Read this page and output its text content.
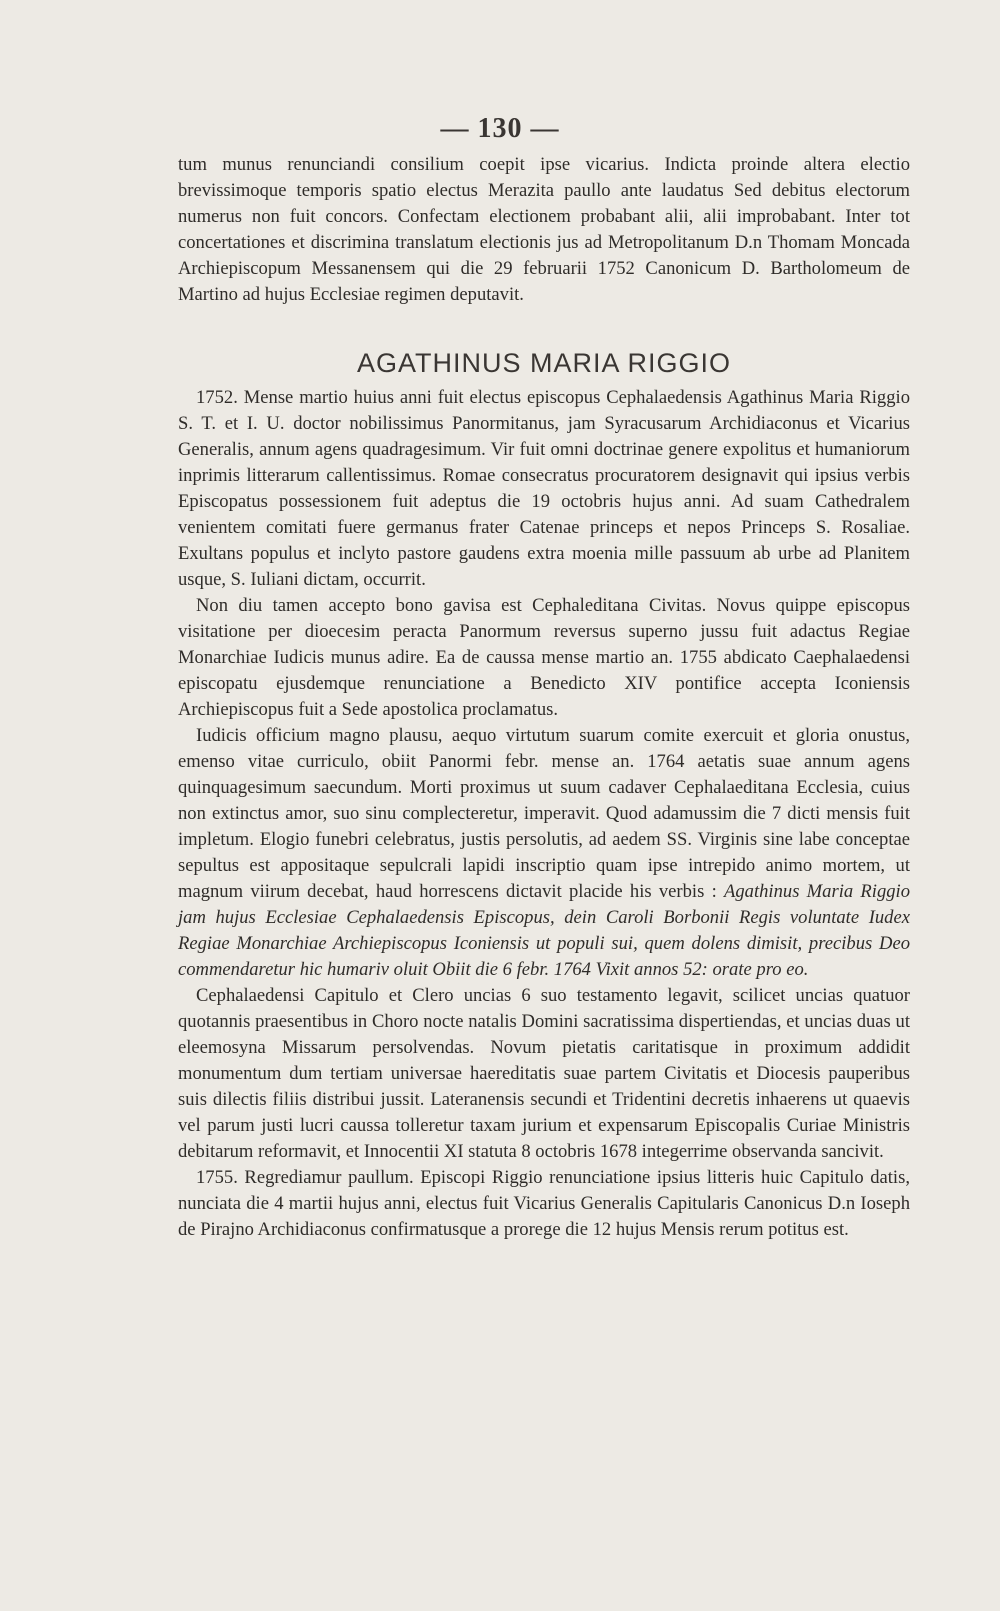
— 130 —

tum munus renunciandi consilium coepit ipse vicarius. Indicta proinde altera electio brevissimoque temporis spatio electus Merazita paullo ante laudatus Sed debitus electorum numerus non fuit concors. Confectam electionem probabant alii, alii improbabant. Inter tot concertationes et discrimina translatum electionis jus ad Metropolitanum D.n Thomam Moncada Archiepiscopum Messanensem qui die 29 februarii 1752 Canonicum D. Bartholomeum de Martino ad hujus Ecclesiae regimen deputavit.

AGATHINUS MARIA RIGGIO

1752. Mense martio huius anni fuit electus episcopus Cephalaedensis Agathinus Maria Riggio S. T. et I. U. doctor nobilissimus Panormitanus, jam Syracusarum Archidiaconus et Vicarius Generalis, annum agens quadragesimum. Vir fuit omni doctrinae genere expolitus et humaniorum inprimis litterarum callentissimus. Romae consecratus procuratorem designavit qui ipsius verbis Episcopatus possessionem fuit adeptus die 19 octobris hujus anni. Ad suam Cathedralem venientem comitati fuere germanus frater Catenae princeps et nepos Princeps S. Rosaliae. Exultans populus et inclyto pastore gaudens extra moenia mille passuum ab urbe ad Planitem usque, S. Iuliani dictam, occurrit.

Non diu tamen accepto bono gavisa est Cephaleditana Civitas. Novus quippe episcopus visitatione per dioecesim peracta Panormum reversus superno jussu fuit adactus Regiae Monarchiae Iudicis munus adire. Ea de caussa mense martio an. 1755 abdicato Caephalaedensi episcopatu ejusdemque renunciatione a Benedicto XIV pontifice accepta Iconiensis Archiepiscopus fuit a Sede apostolica proclamatus.

Iudicis officium magno plausu, aequo virtutum suarum comite exercuit et gloria onustus, emenso vitae curriculo, obiit Panormi febr. mense an. 1764 aetatis suae annum agens quinquagesimum saecundum. Morti proximus ut suum cadaver Cephalaeditana Ecclesia, cuius non extinctus amor, suo sinu complecteretur, imperavit. Quod adamussim die 7 dicti mensis fuit impletum. Elogio funebri celebratus, justis persolutis, ad aedem SS. Virginis sine labe conceptae sepultus est appositaque sepulcrali lapidi inscriptio quam ipse intrepido animo mortem, ut magnum viirum decebat, haud horrescens dictavit placide his verbis : Agathinus Maria Riggio jam hujus Ecclesiae Cephalaedensis Episcopus, dein Caroli Borbonii Regis voluntate Iudex Regiae Monarchiae Archiepiscopus Iconiensis ut populi sui, quem dolens dimisit, precibus Deo commendaretur hic humariv oluit Obiit die 6 febr. 1764 Vixit annos 52: orate pro eo.

Cephalaedensi Capitulo et Clero uncias 6 suo testamento legavit, scilicet uncias quatuor quotannis praesentibus in Choro nocte natalis Domini sacratissima dispertiendas, et uncias duas ut eleemosyna Missarum persolvendas. Novum pietatis caritatisque in proximum addidit monumentum dum tertiam universae haereditatis suae partem Civitatis et Diocesis pauperibus suis dilectis filiis distribui jussit. Lateranensis secundi et Tridentini decretis inhaerens ut quaevis vel parum justi lucri caussa tolleretur taxam jurium et expensarum Episcopalis Curiae Ministris debitarum reformavit, et Innocentii XI statuta 8 octobris 1678 integerrime observanda sancivit.

1755. Regrediamur paullum. Episcopi Riggio renunciatione ipsius litteris huic Capitulo datis, nunciata die 4 martii hujus anni, electus fuit Vicarius Generalis Capitularis Canonicus D.n Ioseph de Pirajno Archidiaconus confirmatusque a prorege die 12 hujus Mensis rerum potitus est.
